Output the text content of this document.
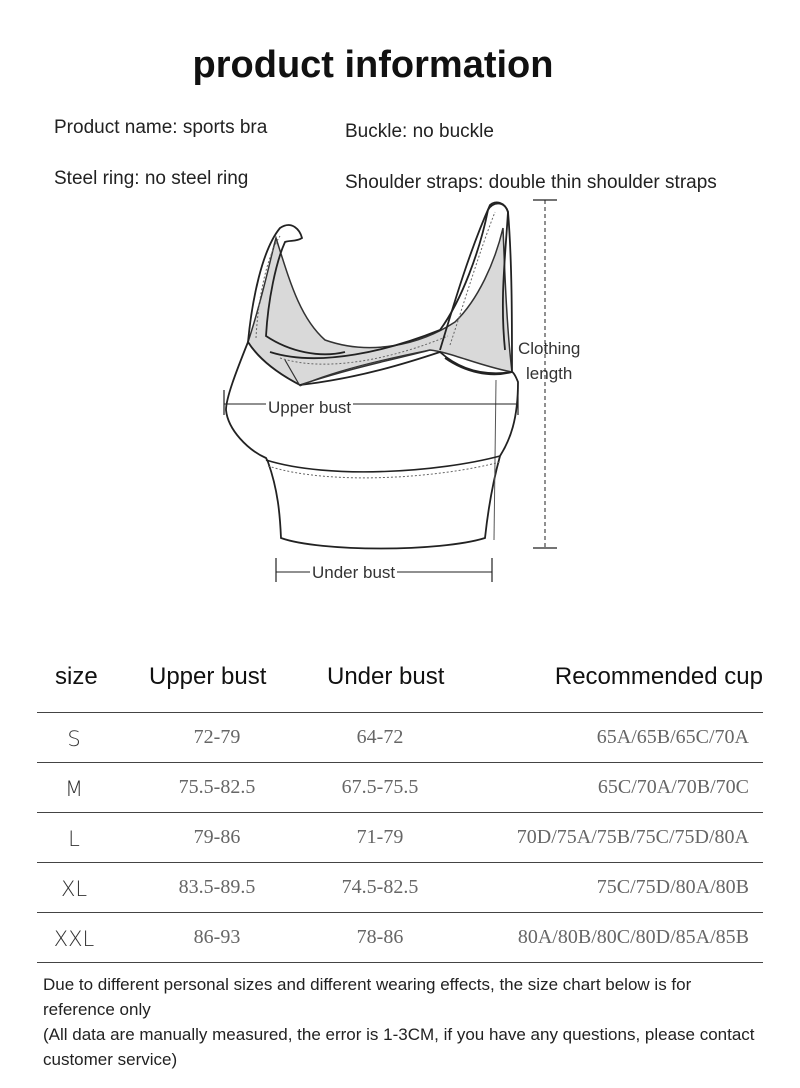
product information
Product name: sports bra	Buckle: no buckle
Steel ring: no steel ring	Shoulder straps: double thin shoulder straps
Upper bust
Under bust
Clothing
length
size Upper bust	Under bust	Recommended cup
S	72-79	64-72	65A/65B/65C/70A
M	75.5-82.5	67.5-75.5	65C/70A/70B/70C
L	79-86	71-79	70D/75A/75B/75C/75D/80A
XL	83.5-89.5	74.5-82.5	75C/75D/80A/80B
XXL	86-93	78-86	80A/80B/80C/80D/85A/85B

Due to different personal sizes and different wearing effects, the size chart below is for reference only

(All data are manually measured, the error is 1-3CM, if you have any questions, please contact customer service)
